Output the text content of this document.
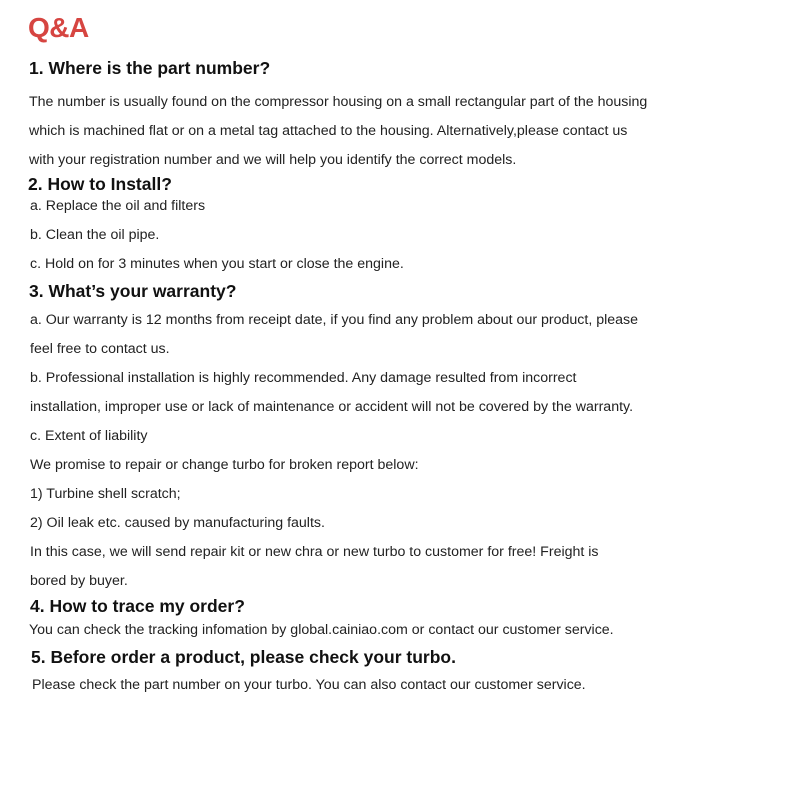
Q&A
1. Where is the part number?

The number is usually found on the compressor housing on a small rectangular part of the housing

which is machined flat or on a metal tag attached to the housing. Alternatively,please contact us

with your registration number and we will help you identify the correct models.

2. How to Install?

a. Replace the oil and filters

b. Clean the oil pipe.

c. Hold on for 3 minutes when you start or close the engine.

3. What’s your warranty?

a. Our warranty is 12 months from receipt date, if you find any problem about our product, please

feel free to contact us.

b. Professional installation is highly recommended. Any damage resulted from incorrect

installation, improper use or lack of maintenance or accident will not be covered by the warranty.

c. Extent of liability

We promise to repair or change turbo for broken report below:

1) Turbine shell scratch;

2) Oil leak etc. caused by manufacturing faults.

In this case, we will send repair kit or new chra or new turbo to customer for free! Freight is

bored by buyer.

4. How to trace my order?

You can check the tracking infomation by global.cainiao.com or contact our customer service.

5. Before order a product, please check your turbo.

Please check the part number on your turbo. You can also contact our customer service.
